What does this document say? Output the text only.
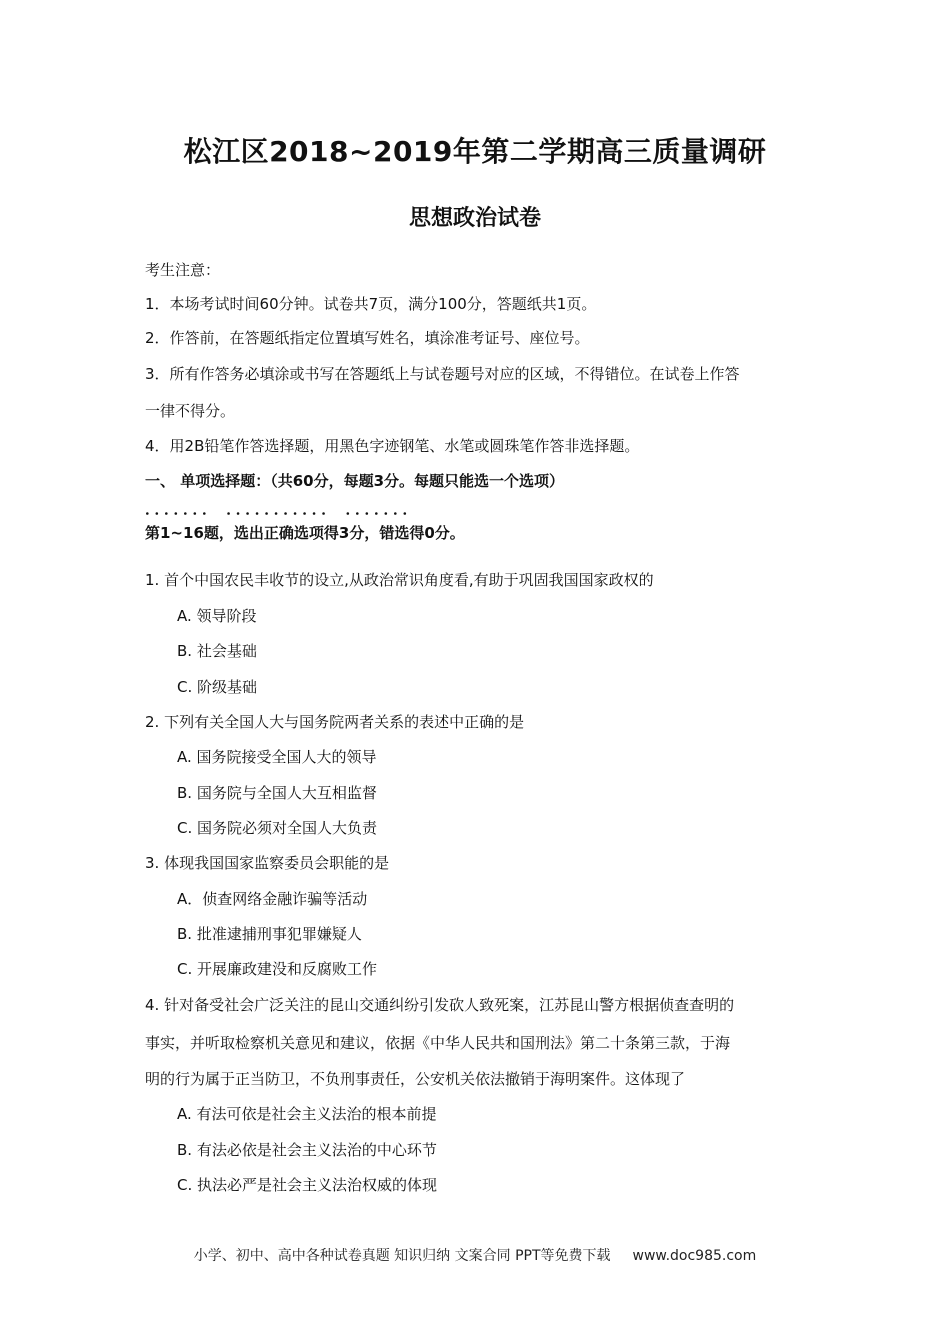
松江区2018~2019年第二学期高三质量调研
思想政治试卷
考生注意：
1．本场考试时间60分钟。试卷共7页，满分100分，答题纸共1页。
2．作答前，在答题纸指定位置填写姓名，填涂准考证号、座位号。
3．所有作答务必填涂或书写在答题纸上与试卷题号对应的区域，不得错位。在试卷上作答
一律不得分。
4．用2B铅笔作答选择题，用黑色字迹钢笔、水笔或圆珠笔作答非选择题。
一、 单项选择题：（共60分，每题3分。每题只能选一个选项）
．．．．．．． ．．．．．．．．．．． ．．．．．．．
第1~16题，选出正确选项得3分，错选得0分。
1. 首个中国农民丰收节的设立,从政治常识角度看,有助于巩固我国国家政权的
A. 领导阶段
B. 社会基础
C. 阶级基础
2. 下列有关全国人大与国务院两者关系的表述中正确的是
A. 国务院接受全国人大的领导
B. 国务院与全国人大互相监督
C. 国务院必须对全国人大负责
3. 体现我国国家监察委员会职能的是
A．侦查网络金融诈骗等活动
B. 批准逮捕刑事犯罪嫌疑人
C. 开展廉政建没和反腐败工作
4. 针对备受社会广泛关注的昆山交通纠纷引发砍人致死案，江苏昆山警方根据侦查查明的
事实，并听取检察机关意见和建议，依据《中华人民共和国刑法》第二十条第三款，于海
明的行为属于正当防卫，不负刑事责任，公安机关依法撤销于海明案件。这体现了
A. 有法可依是社会主义法治的根本前提
B. 有法必依是社会主义法治的中心环节
C. 执法必严是社会主义法治权威的体现
小学、初中、高中各种试卷真题 知识归纳 文案合同 PPT等免费下载 www.doc985.com
